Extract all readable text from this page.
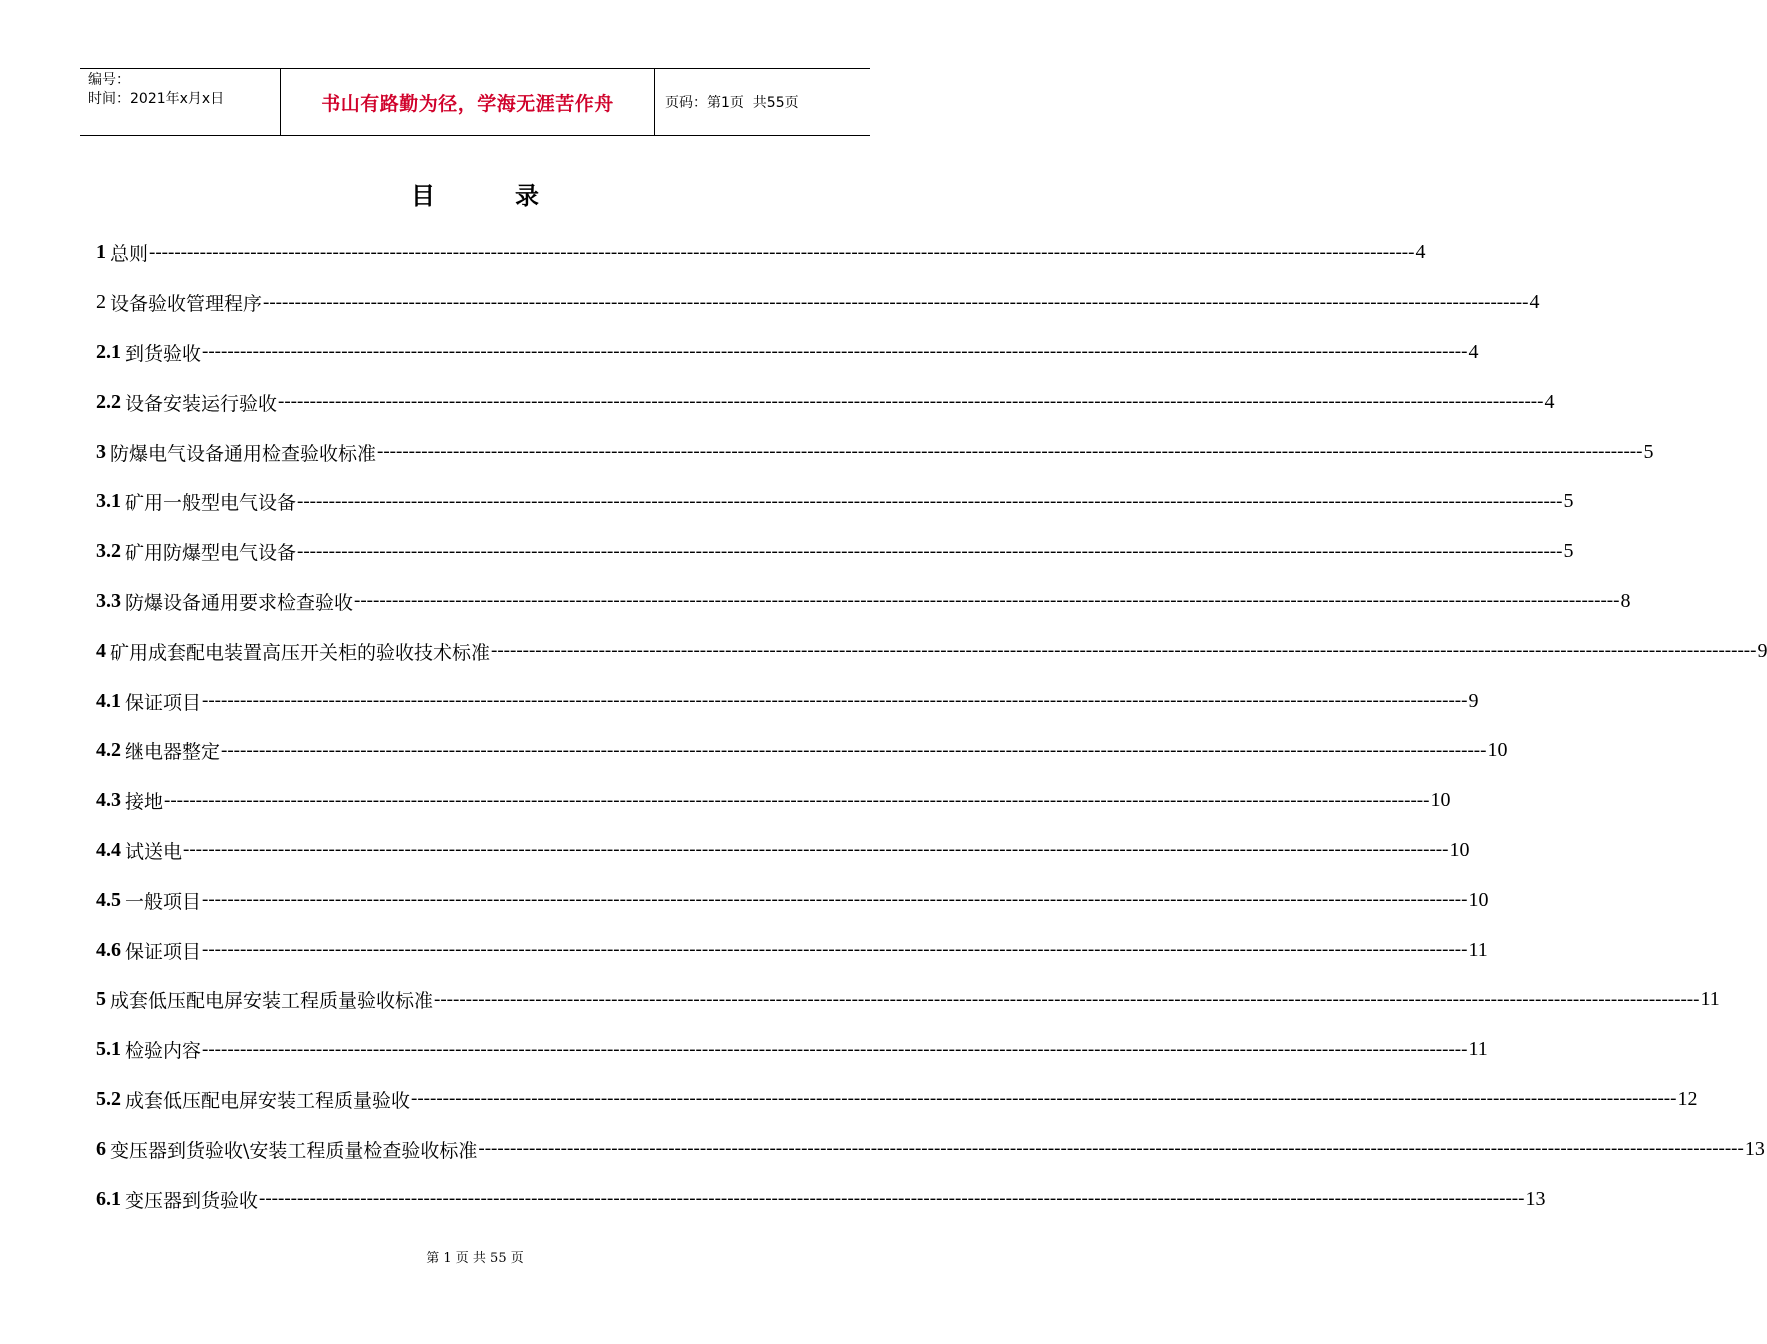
编号：
时间：2021年x月x日	书山有路勤为径，学海无涯苦作舟	页码：第1页  共55页
目	录
1 总则 -------------------------------------------------------------------------------------------------------------------------------------------------------------------------------------------------------- 4
2 设备验收管理程序 -------------------------------------------------------------------------------------------------------------------------------------------------------------------------------------------------------- 4
2.1 到货验收 -------------------------------------------------------------------------------------------------------------------------------------------------------------------------------------------------------- 4
2.2 设备安装运行验收 -------------------------------------------------------------------------------------------------------------------------------------------------------------------------------------------------------- 4
3 防爆电气设备通用检查验收标准 -------------------------------------------------------------------------------------------------------------------------------------------------------------------------------------------------------- 5
3.1 矿用一般型电气设备 -------------------------------------------------------------------------------------------------------------------------------------------------------------------------------------------------------- 5
3.2 矿用防爆型电气设备 -------------------------------------------------------------------------------------------------------------------------------------------------------------------------------------------------------- 5
3.3 防爆设备通用要求检查验收 -------------------------------------------------------------------------------------------------------------------------------------------------------------------------------------------------------- 8
4 矿用成套配电装置高压开关柜的验收技术标准 -------------------------------------------------------------------------------------------------------------------------------------------------------------------------------------------------------- 9
4.1 保证项目 -------------------------------------------------------------------------------------------------------------------------------------------------------------------------------------------------------- 9
4.2 继电器整定 -------------------------------------------------------------------------------------------------------------------------------------------------------------------------------------------------------- 10
4.3 接地 -------------------------------------------------------------------------------------------------------------------------------------------------------------------------------------------------------- 10
4.4 试送电 -------------------------------------------------------------------------------------------------------------------------------------------------------------------------------------------------------- 10
4.5 一般项目 -------------------------------------------------------------------------------------------------------------------------------------------------------------------------------------------------------- 10
4.6 保证项目 -------------------------------------------------------------------------------------------------------------------------------------------------------------------------------------------------------- 11
5 成套低压配电屏安装工程质量验收标准 -------------------------------------------------------------------------------------------------------------------------------------------------------------------------------------------------------- 11
5.1 检验内容 -------------------------------------------------------------------------------------------------------------------------------------------------------------------------------------------------------- 11
5.2 成套低压配电屏安装工程质量验收 -------------------------------------------------------------------------------------------------------------------------------------------------------------------------------------------------------- 12
6 变压器到货验收\安装工程质量检查验收标准 -------------------------------------------------------------------------------------------------------------------------------------------------------------------------------------------------------- 13
6.1 变压器到货验收 -------------------------------------------------------------------------------------------------------------------------------------------------------------------------------------------------------- 13
第 1 页 共 55 页
